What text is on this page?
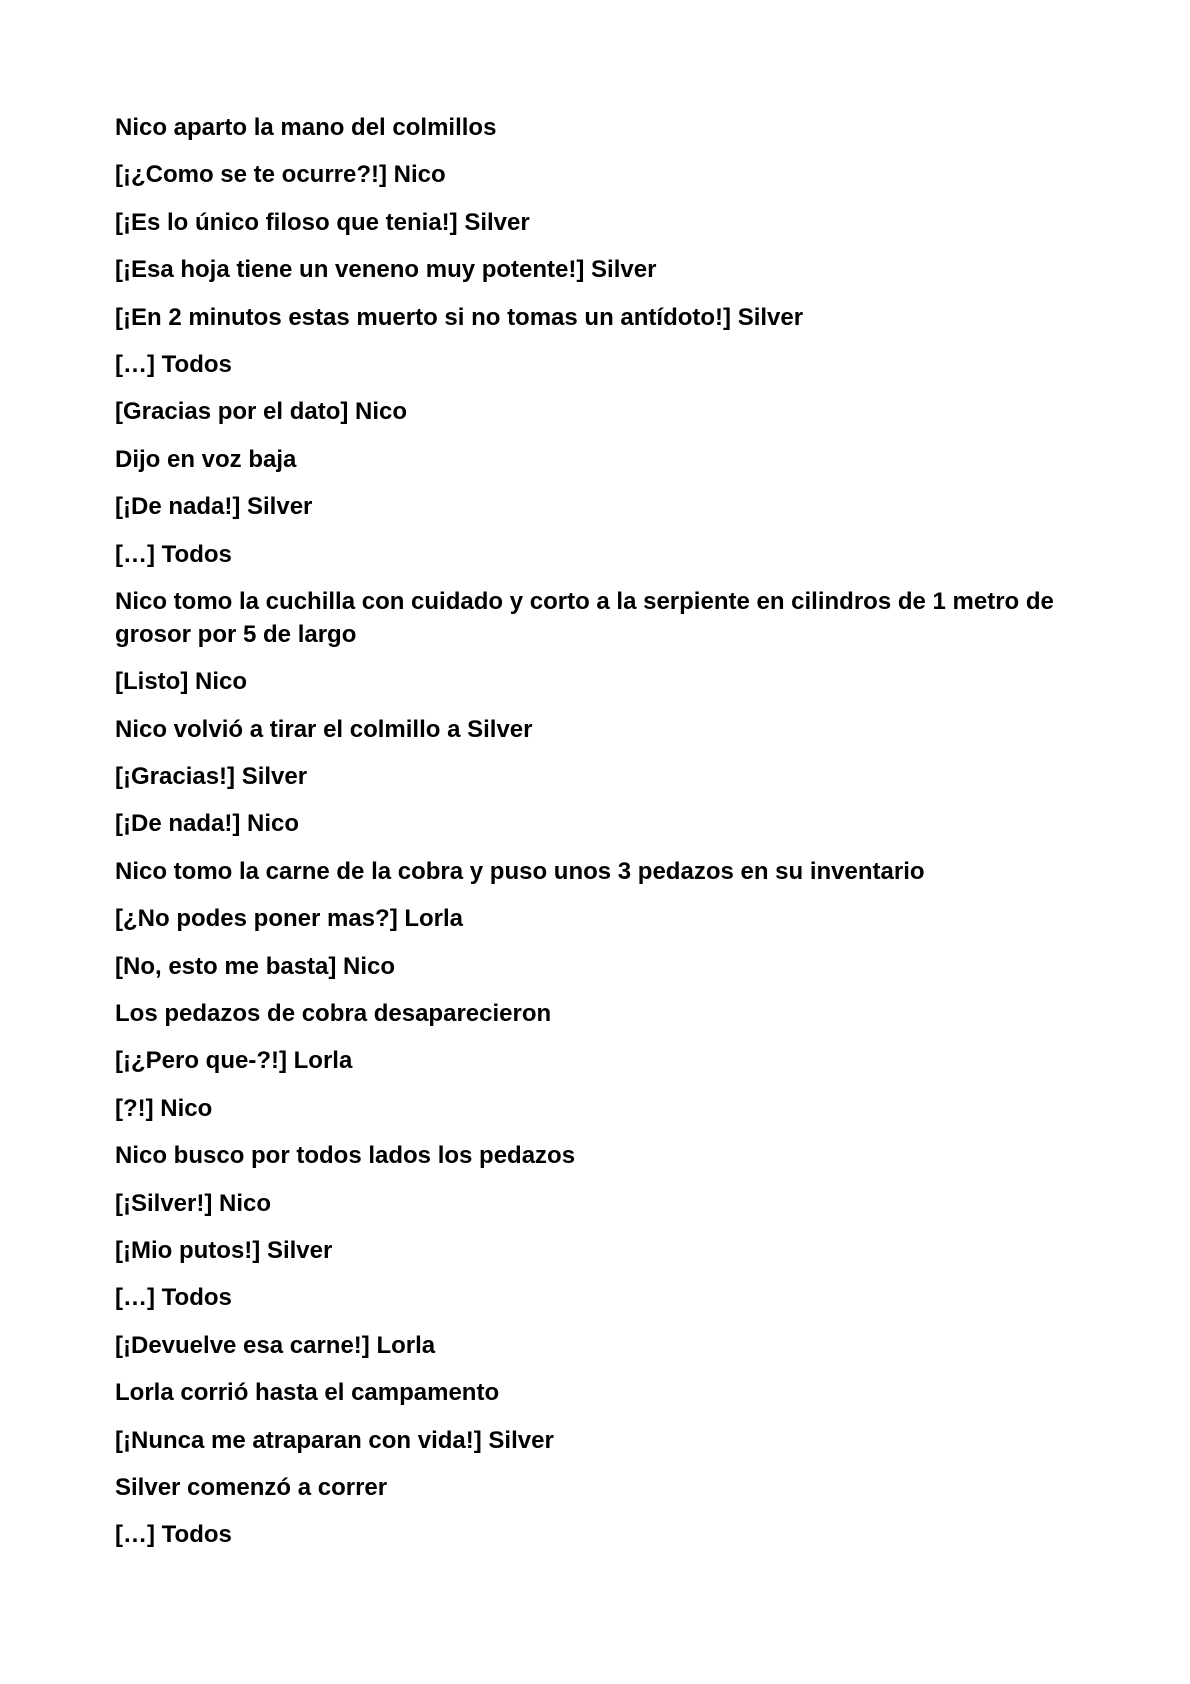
Nico aparto la mano del colmillos

[¡¿Como se te ocurre?!] Nico

[¡Es lo único filoso que tenia!] Silver

[¡Esa hoja tiene un veneno muy potente!] Silver

[¡En 2 minutos estas muerto si no tomas un antídoto!] Silver

[…] Todos

[Gracias por el dato] Nico

Dijo en voz baja

[¡De nada!] Silver

[…] Todos

Nico tomo la cuchilla con cuidado y corto a la serpiente en cilindros de 1 metro de grosor por 5 de largo

[Listo] Nico

Nico volvió a tirar el colmillo a Silver

[¡Gracias!] Silver

[¡De nada!] Nico

Nico tomo la carne de la cobra y puso unos 3 pedazos en su inventario

[¿No podes poner mas?] Lorla

[No, esto me basta] Nico

Los pedazos de cobra desaparecieron

[¡¿Pero que-?!] Lorla

[?!] Nico

Nico busco por todos lados los pedazos

[¡Silver!] Nico

[¡Mio putos!] Silver

[…] Todos

[¡Devuelve esa carne!] Lorla

Lorla corrió hasta el campamento

[¡Nunca me atraparan con vida!] Silver

Silver comenzó a correr

[…] Todos
